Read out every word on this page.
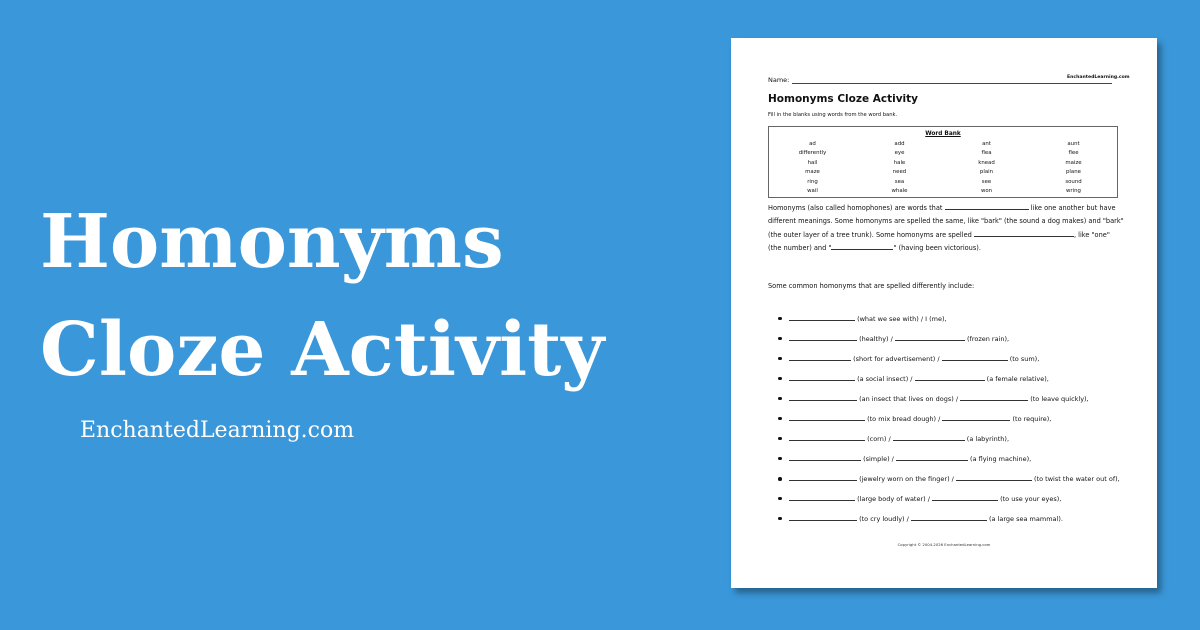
Homonyms
Cloze Activity
EnchantedLearning.com
Name:	EnchantedLearning.com
Homonyms Cloze Activity
Fill in the blanks using words from the word bank.
Word Bank
ad	add	ant	aunt
differently	eye	flea	flee
hail	hale	knead	maize
maze	need	plain	plane
ring	sea	see	sound
wail	whale	won	wring
Homonyms (also called homophones) are words that	like one another but have different meanings. Some homonyms are spelled the same, like "bark" (the sound a dog makes) and "bark" (the outer layer of a tree trunk). Some homonyms are spelled	, like "one" (the number) and "	" (having been victorious).
Some common homonyms that are spelled differently include:
(what we see with) / I (me),
(healthy) /	(frozen rain),
(short for advertisement) /	(to sum),
(a social insect) /	(a female relative),
(an insect that lives on dogs) /	(to leave quickly),
(to mix bread dough) /	(to require),
(corn) /	(a labyrinth),
(simple) /	(a flying machine),
(jewelry worn on the finger) /	(to twist the water out of),
(large body of water) /	(to use your eyes),
(to cry loudly) /	(a large sea mammal).
Copyright © 2004-2026 EnchantedLearning.com
